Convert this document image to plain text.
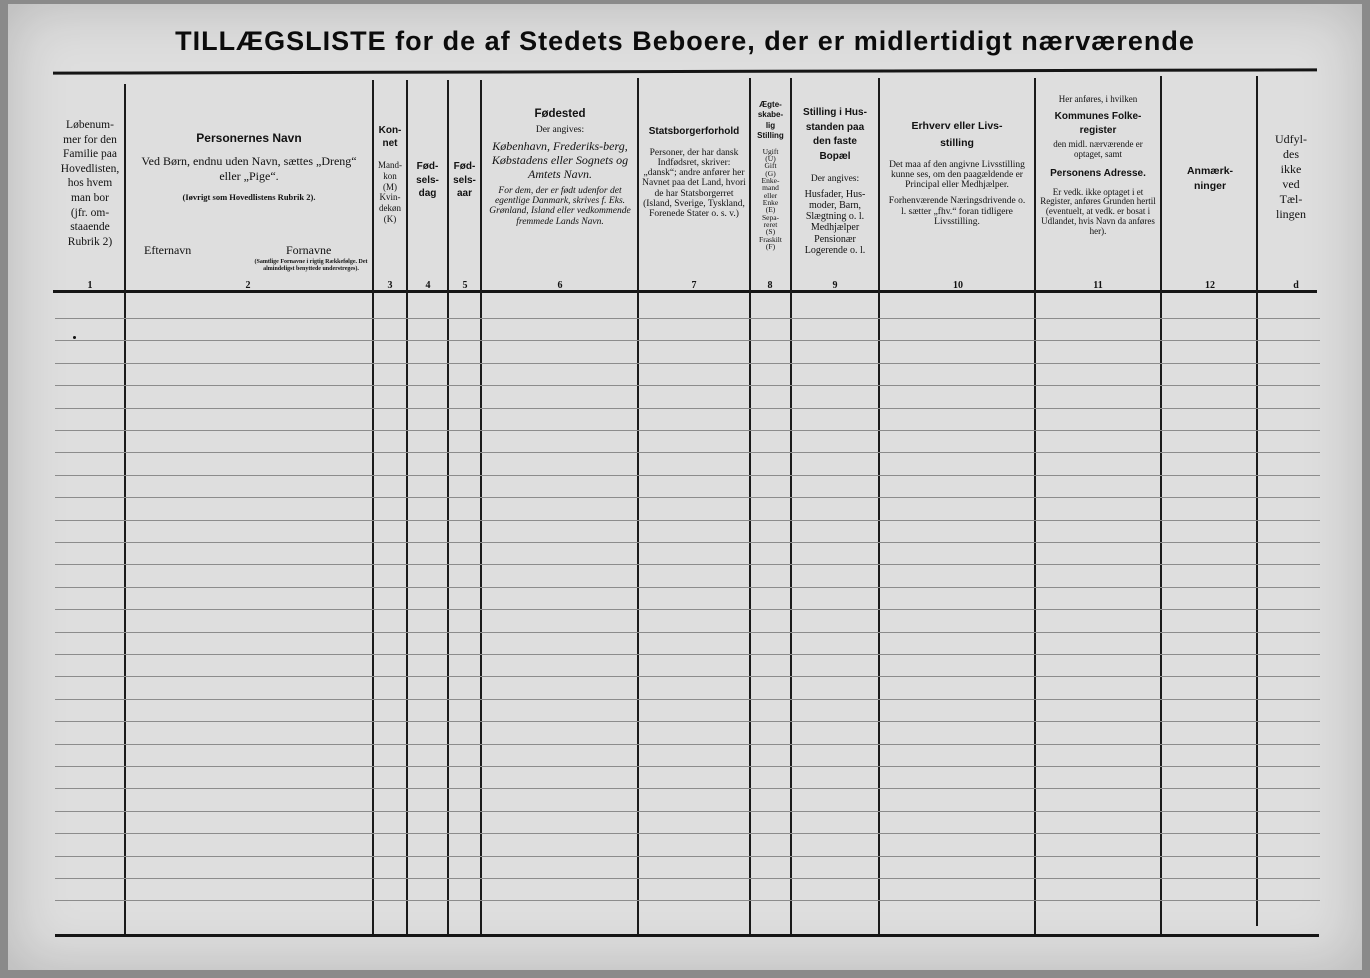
TILLÆGSLISTE for de af Stedets Beboere, der er midlertidigt nærværende
Løbenum-
mer for den
Familie paa
Hovedlisten,
hos hvem
man bor
(jfr. om-
staaende
Rubrik 2)
1
Personernes Navn
Ved Børn, endnu uden Navn, sættes „Dreng“ eller „Pige“.
(Iøvrigt som Hovedlistens Rubrik 2).
Efternavn	Fornavne
(Samtlige Fornavne i rigtig Rækkefølge. Det almindeligst benyttede understreges).
2
Kon-
net
Mand-
kon
(M)
Kvin-
dekøn
(K)
3
Fød-
sels-
dag
4
Fød-
sels-
aar
5
Fødested
Der angives:
København, Frederiks-berg, Købstadens eller Sognets og Amtets Navn.
For dem, der er født udenfor det egentlige Danmark, skrives f. Eks. Grønland, Island eller vedkommende fremmede Lands Navn.
6
Statsborgerforhold
Personer, der har dansk Indfødsret, skriver: „dansk“; andre anfører her Navnet paa det Land, hvori de har Statsborgerret (Island, Sverige, Tyskland, Forenede Stater o. s. v.)
7
Ægte-
skabe-
lig
Stilling
Ugift
(U)
Gift
(G)
Enke-
mand
eller
Enke
(E)
Sepa-
reret
(S)
Fraskilt
(F)
8
Stilling i Hus-
standen paa
den faste
Bopæl
Der angives:
Husfader, Hus-
moder, Barn,
Slægtning o. l.
Medhjælper
Pensionær
Logerende o. l.
9
Erhverv eller Livs-
stilling
Det maa af den angivne Livsstilling kunne ses, om den paagældende er Principal eller Medhjælper.
Forhenværende Næringsdrivende o. l. sætter „fhv.“ foran tidligere Livsstilling.
10
Her anføres, i hvilken
Kommunes Folke-
register
den midl. nærværende er optaget, samt
Personens Adresse.
Er vedk. ikke optaget i et Register, anføres Grunden hertil (eventuelt, at vedk. er bosat i Udlandet, hvis Navn da anføres her).
11
Anmærk-
ninger
12
Udfyl-
des
ikke
ved
Tæl-
lingen
d
